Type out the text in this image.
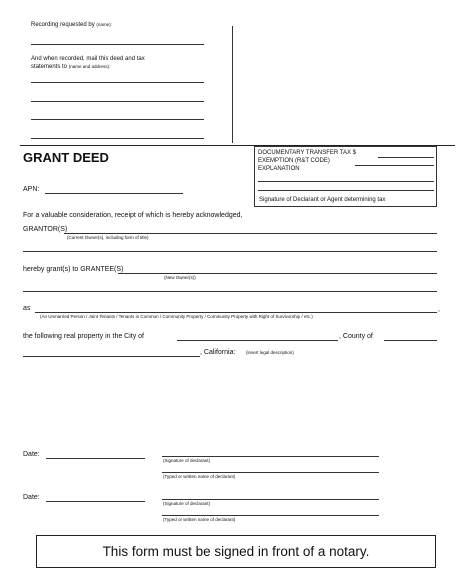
Recording requested by (name):
And when recorded, mail this deed and tax
statements to (name and address):
GRANT DEED	DOCUMENTARY TRANSFER TAX $
EXEMPTION (R&T CODE)
EXPLANATION
Signature of Declarant or Agent determining tax
APN:
For a valuable consideration, receipt of which is hereby acknowledged,
GRANTOR(S)
(Current Owner(s), including form of title)
hereby grant(s) to GRANTEE(S)
(New Owner(s))
as	,
(An Unmarried Person / Joint Tenants / Tenants in Common / Community Property / Community Property with Right of Survivorship / etc.)
the following real property in the City of	, County of
, California: (insert legal description)
Date:
(Signature of declarant)
(Typed or written name of declarant)
Date:
(Signature of declarant)
(Typed or written name of declarant)
This form must be signed in front of a notary.
